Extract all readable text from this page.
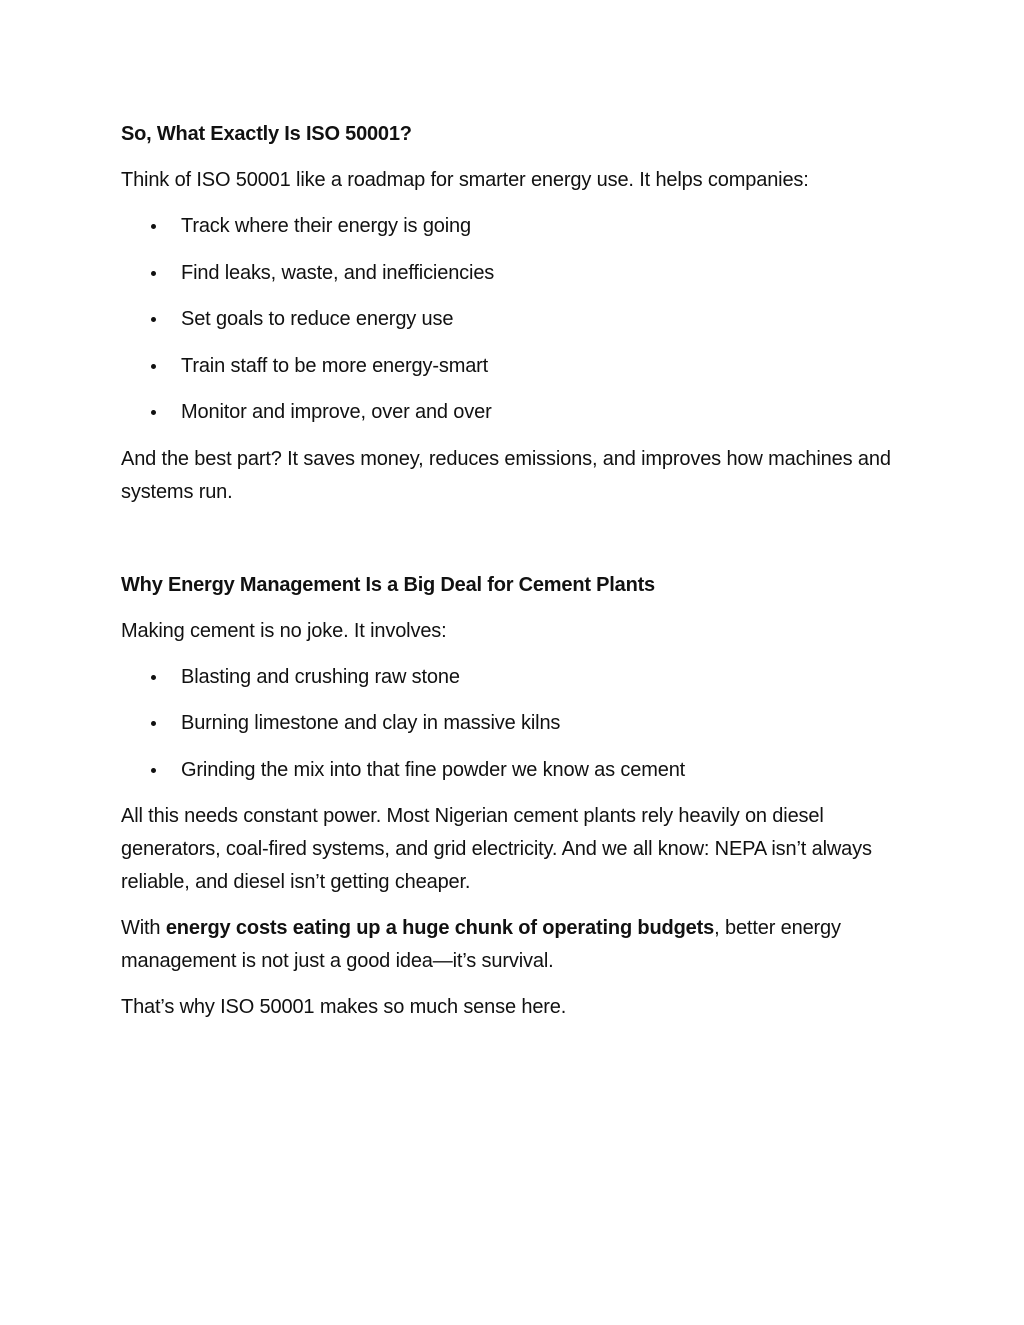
So, What Exactly Is ISO 50001?
Think of ISO 50001 like a roadmap for smarter energy use. It helps companies:
Track where their energy is going
Find leaks, waste, and inefficiencies
Set goals to reduce energy use
Train staff to be more energy-smart
Monitor and improve, over and over
And the best part? It saves money, reduces emissions, and improves how machines and systems run.
Why Energy Management Is a Big Deal for Cement Plants
Making cement is no joke. It involves:
Blasting and crushing raw stone
Burning limestone and clay in massive kilns
Grinding the mix into that fine powder we know as cement
All this needs constant power. Most Nigerian cement plants rely heavily on diesel generators, coal-fired systems, and grid electricity. And we all know: NEPA isn’t always reliable, and diesel isn’t getting cheaper.
With energy costs eating up a huge chunk of operating budgets, better energy management is not just a good idea—it’s survival.
That’s why ISO 50001 makes so much sense here.
